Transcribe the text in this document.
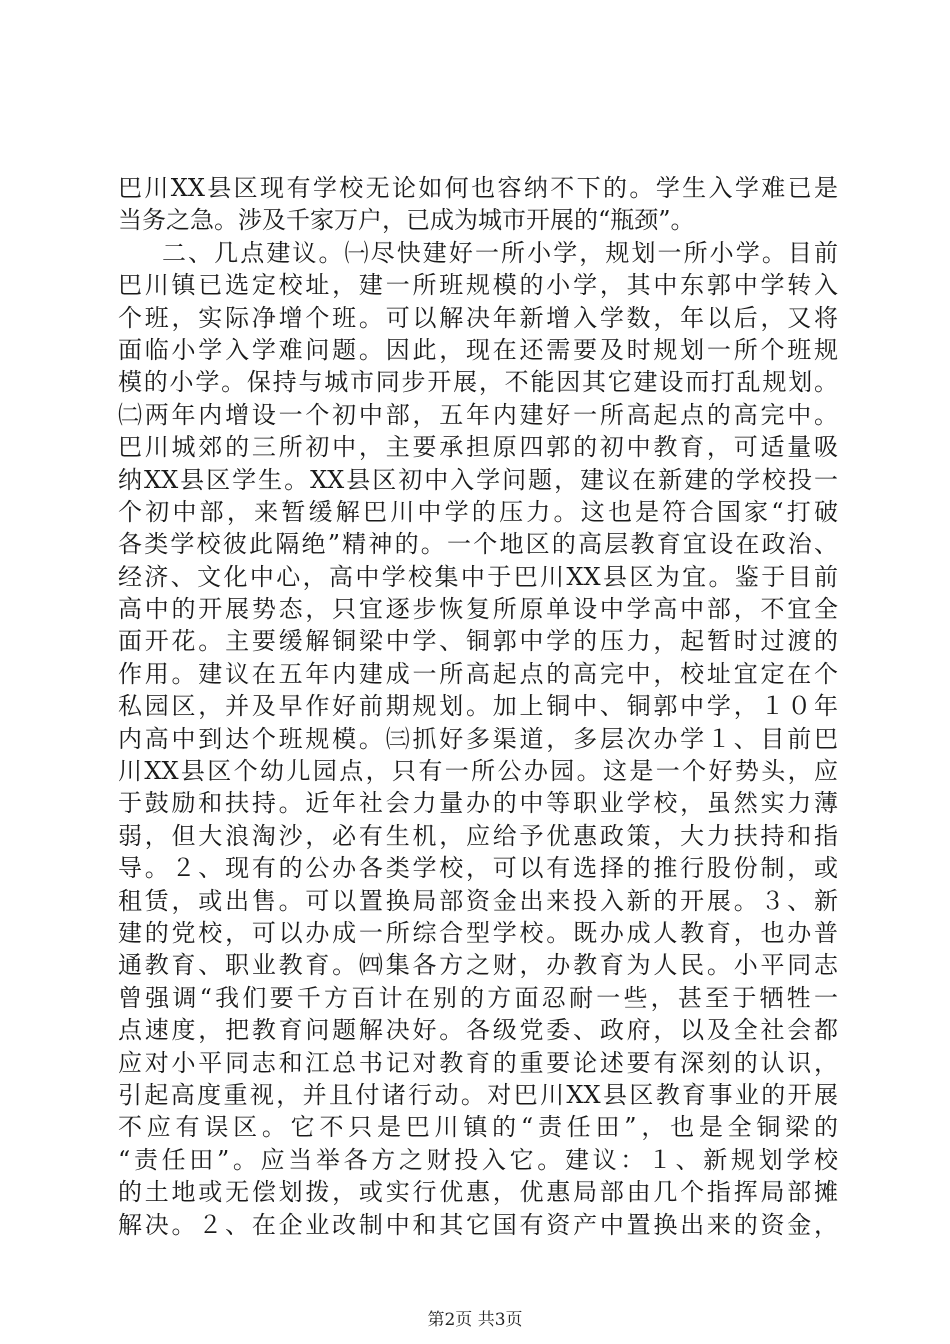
巴川XX县区现有学校无论如何也容纳不下的。学生入学难已是
当务之急。涉及千家万户，已成为城市开展的“瓶颈”。
二、几点建议。㈠尽快建好一所小学，规划一所小学。目前
巴川镇已选定校址，建一所班规模的小学，其中东郭中学转入
个班，实际净增个班。可以解决年新增入学数，年以后，又将
面临小学入学难问题。因此，现在还需要及时规划一所个班规
模的小学。保持与城市同步开展，不能因其它建设而打乱规划。
㈡两年内增设一个初中部，五年内建好一所高起点的高完中。
巴川城郊的三所初中，主要承担原四郭的初中教育，可适量吸
纳XX县区学生。XX县区初中入学问题，建议在新建的学校投一
个初中部，来暂缓解巴川中学的压力。这也是符合国家“打破
各类学校彼此隔绝”精神的。一个地区的高层教育宜设在政治、
经济、文化中心，高中学校集中于巴川XX县区为宜。鉴于目前
高中的开展势态，只宜逐步恢复所原单设中学高中部，不宜全
面开花。主要缓解铜梁中学、铜郭中学的压力，起暂时过渡的
作用。建议在五年内建成一所高起点的高完中，校址宜定在个
私园区，并及早作好前期规划。加上铜中、铜郭中学，１０年
内高中到达个班规模。㈢抓好多渠道，多层次办学１、目前巴
川XX县区个幼儿园点，只有一所公办园。这是一个好势头，应
于鼓励和扶持。近年社会力量办的中等职业学校，虽然实力薄
弱，但大浪淘沙，必有生机，应给予优惠政策，大力扶持和指
导。２、现有的公办各类学校，可以有选择的推行股份制，或
租赁，或出售。可以置换局部资金出来投入新的开展。３、新
建的党校，可以办成一所综合型学校。既办成人教育，也办普
通教育、职业教育。㈣集各方之财，办教育为人民。小平同志
曾强调“我们要千方百计在别的方面忍耐一些，甚至于牺牲一
点速度，把教育问题解决好。各级党委、政府，以及全社会都
应对小平同志和江总书记对教育的重要论述要有深刻的认识，
引起高度重视，并且付诸行动。对巴川XX县区教育事业的开展
不应有误区。它不只是巴川镇的“责任田”，也是全铜梁的
“责任田”。应当举各方之财投入它。建议：１、新规划学校
的土地或无偿划拨，或实行优惠，优惠局部由几个指挥局部摊
解决。２、在企业改制中和其它国有资产中置换出来的资金，
第2页 共3页
